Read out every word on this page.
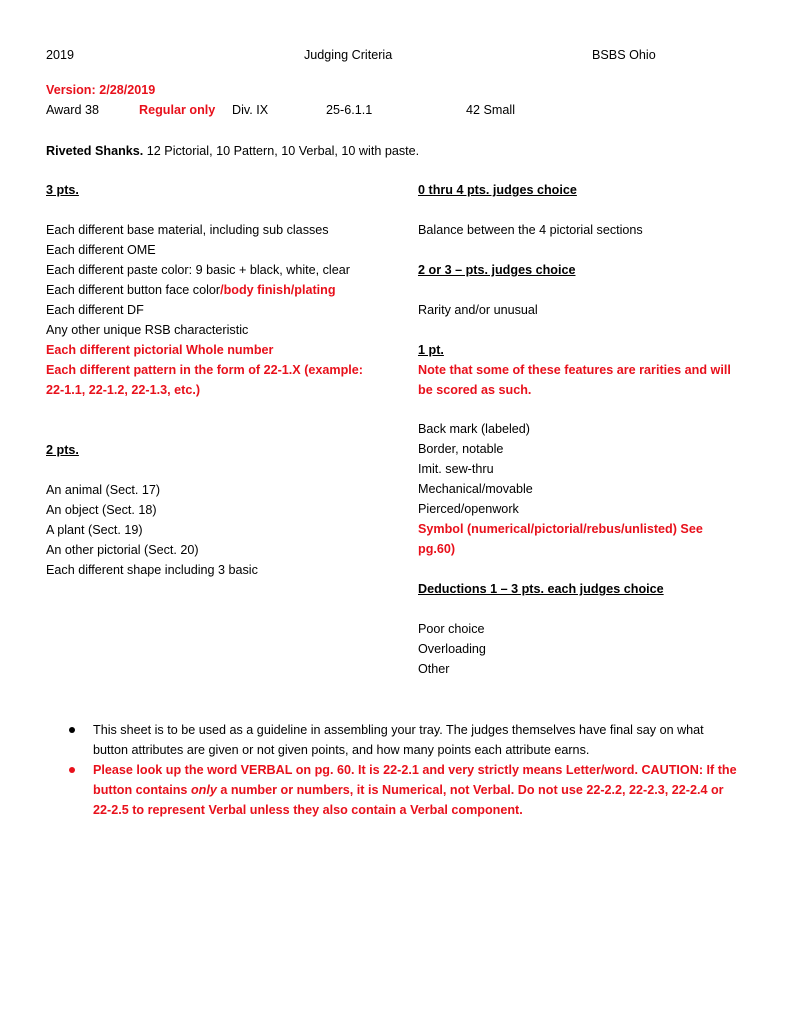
2019	Judging Criteria	BSBS Ohio
Version: 2/28/2019
Award 38	Regular only Div. IX	25-6.1.1	42 Small
Riveted Shanks. 12 Pictorial, 10 Pattern, 10 Verbal, 10 with paste.
3 pts.
Each different base material, including sub classes
Each different OME
Each different paste color: 9 basic + black, white, clear
Each different button face color/body finish/plating
Each different DF
Any other unique RSB characteristic
Each different pictorial Whole number
Each different pattern in the form of 22-1.X (example:
22-1.1, 22-1.2, 22-1.3, etc.)
2 pts.
An animal (Sect. 17)
An object (Sect. 18)
A plant (Sect. 19)
An other pictorial (Sect. 20)
Each different shape including 3 basic
0 thru 4 pts. judges choice
Balance between the 4 pictorial sections
2 or 3 – pts. judges choice
Rarity and/or unusual
1 pt.
Note that some of these features are rarities and will
be scored as such.
Back mark (labeled)
Border, notable
Imit. sew-thru
Mechanical/movable
Pierced/openwork
Symbol (numerical/pictorial/rebus/unlisted) See
pg.60)
Deductions 1 – 3 pts. each judges choice
Poor choice
Overloading
Other
This sheet is to be used as a guideline in assembling your tray. The judges themselves have final say on what
button attributes are given or not given points, and how many points each attribute earns.
Please look up the word VERBAL on pg. 60. It is 22-2.1 and very strictly means Letter/word. CAUTION: If the
button contains only a number or numbers, it is Numerical, not Verbal. Do not use 22-2.2, 22-2.3, 22-2.4 or
22-2.5 to represent Verbal unless they also contain a Verbal component.
